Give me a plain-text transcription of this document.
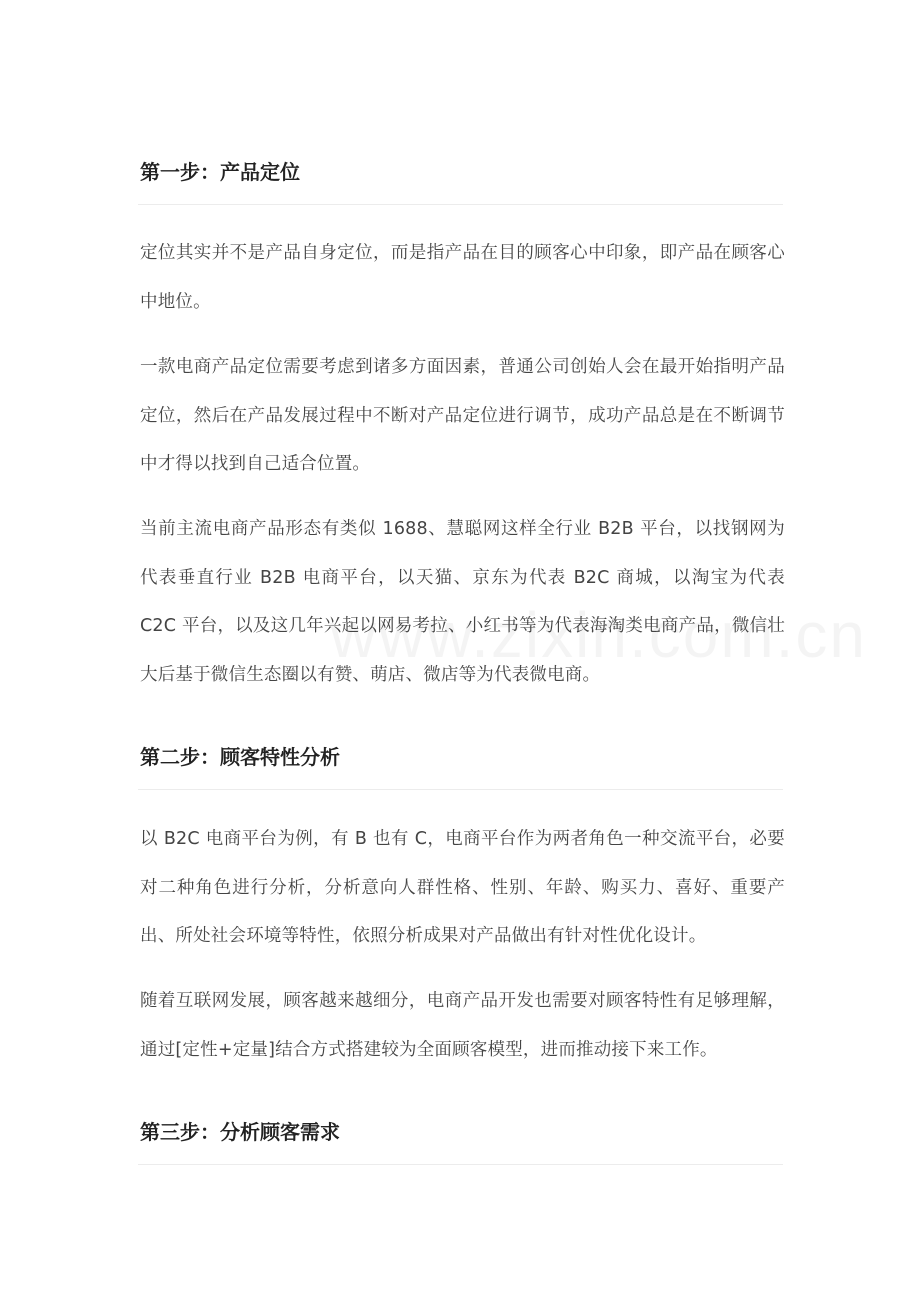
第一步：产品定位
定位其实并不是产品自身定位，而是指产品在目的顾客心中印象，即产品在顾客心中地位。
一款电商产品定位需要考虑到诸多方面因素，普通公司创始人会在最开始指明产品定位，然后在产品发展过程中不断对产品定位进行调节，成功产品总是在不断调节中才得以找到自己适合位置。
当前主流电商产品形态有类似 1688、慧聪网这样全行业 B2B 平台，以找钢网为代表垂直行业 B2B 电商平台，以天猫、京东为代表 B2C 商城，以淘宝为代表 C2C 平台，以及这几年兴起以网易考拉、小红书等为代表海淘类电商产品，微信壮大后基于微信生态圈以有赞、萌店、微店等为代表微电商。
第二步：顾客特性分析
以 B2C 电商平台为例，有 B 也有 C，电商平台作为两者角色一种交流平台，必要对二种角色进行分析，分析意向人群性格、性别、年龄、购买力、喜好、重要产出、所处社会环境等特性，依照分析成果对产品做出有针对性优化设计。
随着互联网发展，顾客越来越细分，电商产品开发也需要对顾客特性有足够理解，通过[定性+定量]结合方式搭建较为全面顾客模型，进而推动接下来工作。
第三步：分析顾客需求
